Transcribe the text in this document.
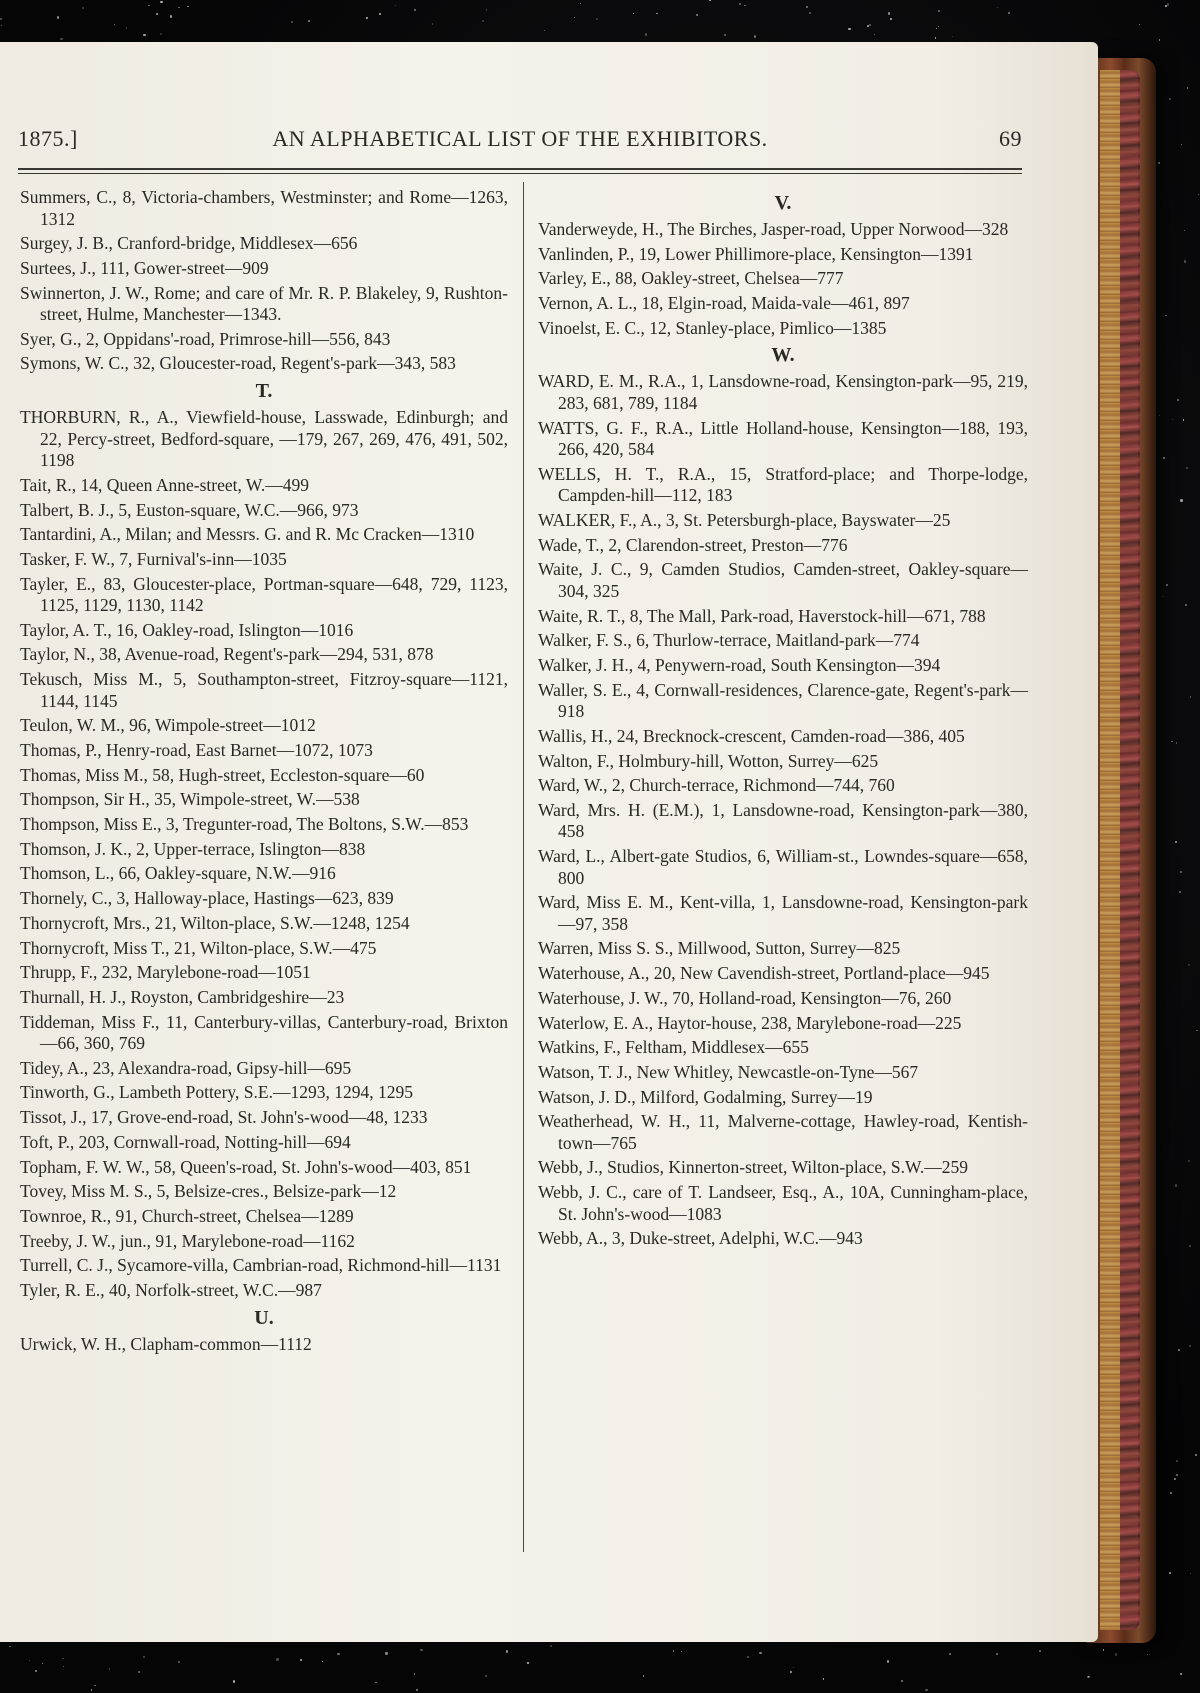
1875.]	AN ALPHABETICAL LIST OF THE EXHIBITORS.	69
Summers, C., 8, Victoria-chambers, Westminster; and Rome—1263, 1312
Surgey, J. B., Cranford-bridge, Middlesex—656
Surtees, J., 111, Gower-street—909
Swinnerton, J. W., Rome; and care of Mr. R. P. Blakeley, 9, Rushton-street, Hulme, Manchester—1343.
Syer, G., 2, Oppidans'-road, Primrose-hill—556, 843
Symons, W. C., 32, Gloucester-road, Regent's-park—343, 583
T.
THORBURN, R., A., Viewfield-house, Lasswade, Edinburgh; and 22, Percy-street, Bedford-square, —179, 267, 269, 476, 491, 502, 1198
Tait, R., 14, Queen Anne-street, W.—499
Talbert, B. J., 5, Euston-square, W.C.—966, 973
Tantardini, A., Milan; and Messrs. G. and R. Mc Cracken—1310
Tasker, F. W., 7, Furnival's-inn—1035
Tayler, E., 83, Gloucester-place, Portman-square—648, 729, 1123, 1125, 1129, 1130, 1142
Taylor, A. T., 16, Oakley-road, Islington—1016
Taylor, N., 38, Avenue-road, Regent's-park—294, 531, 878
Tekusch, Miss M., 5, Southampton-street, Fitzroy-square—1121, 1144, 1145
Teulon, W. M., 96, Wimpole-street—1012
Thomas, P., Henry-road, East Barnet—1072, 1073
Thomas, Miss M., 58, Hugh-street, Eccleston-square—60
Thompson, Sir H., 35, Wimpole-street, W.—538
Thompson, Miss E., 3, Tregunter-road, The Boltons, S.W.—853
Thomson, J. K., 2, Upper-terrace, Islington—838
Thomson, L., 66, Oakley-square, N.W.—916
Thornely, C., 3, Halloway-place, Hastings—623, 839
Thornycroft, Mrs., 21, Wilton-place, S.W.—1248, 1254
Thornycroft, Miss T., 21, Wilton-place, S.W.—475
Thrupp, F., 232, Marylebone-road—1051
Thurnall, H. J., Royston, Cambridgeshire—23
Tiddeman, Miss F., 11, Canterbury-villas, Canterbury-road, Brixton—66, 360, 769
Tidey, A., 23, Alexandra-road, Gipsy-hill—695
Tinworth, G., Lambeth Pottery, S.E.—1293, 1294, 1295
Tissot, J., 17, Grove-end-road, St. John's-wood—48, 1233
Toft, P., 203, Cornwall-road, Notting-hill—694
Topham, F. W. W., 58, Queen's-road, St. John's-wood—403, 851
Tovey, Miss M. S., 5, Belsize-cres., Belsize-park—12
Townroe, R., 91, Church-street, Chelsea—1289
Treeby, J. W., jun., 91, Marylebone-road—1162
Turrell, C. J., Sycamore-villa, Cambrian-road, Richmond-hill—1131
Tyler, R. E., 40, Norfolk-street, W.C.—987
U.
Urwick, W. H., Clapham-common—1112
V.
Vanderweyde, H., The Birches, Jasper-road, Upper Norwood—328
Vanlinden, P., 19, Lower Phillimore-place, Kensington—1391
Varley, E., 88, Oakley-street, Chelsea—777
Vernon, A. L., 18, Elgin-road, Maida-vale—461, 897
Vinoelst, E. C., 12, Stanley-place, Pimlico—1385
W.
WARD, E. M., R.A., 1, Lansdowne-road, Kensington-park—95, 219, 283, 681, 789, 1184
WATTS, G. F., R.A., Little Holland-house, Kensington—188, 193, 266, 420, 584
WELLS, H. T., R.A., 15, Stratford-place; and Thorpe-lodge, Campden-hill—112, 183
WALKER, F., A., 3, St. Petersburgh-place, Bayswater—25
Wade, T., 2, Clarendon-street, Preston—776
Waite, J. C., 9, Camden Studios, Camden-street, Oakley-square—304, 325
Waite, R. T., 8, The Mall, Park-road, Haverstock-hill—671, 788
Walker, F. S., 6, Thurlow-terrace, Maitland-park—774
Walker, J. H., 4, Penywern-road, South Kensington—394
Waller, S. E., 4, Cornwall-residences, Clarence-gate, Regent's-park—918
Wallis, H., 24, Brecknock-crescent, Camden-road—386, 405
Walton, F., Holmbury-hill, Wotton, Surrey—625
Ward, W., 2, Church-terrace, Richmond—744, 760
Ward, Mrs. H. (E.M.), 1, Lansdowne-road, Kensington-park—380, 458
Ward, L., Albert-gate Studios, 6, William-st., Lowndes-square—658, 800
Ward, Miss E. M., Kent-villa, 1, Lansdowne-road, Kensington-park—97, 358
Warren, Miss S. S., Millwood, Sutton, Surrey—825
Waterhouse, A., 20, New Cavendish-street, Portland-place—945
Waterhouse, J. W., 70, Holland-road, Kensington—76, 260
Waterlow, E. A., Haytor-house, 238, Marylebone-road—225
Watkins, F., Feltham, Middlesex—655
Watson, T. J., New Whitley, Newcastle-on-Tyne—567
Watson, J. D., Milford, Godalming, Surrey—19
Weatherhead, W. H., 11, Malverne-cottage, Hawley-road, Kentish-town—765
Webb, J., Studios, Kinnerton-street, Wilton-place, S.W.—259
Webb, J. C., care of T. Landseer, Esq., A., 10A, Cunningham-place, St. John's-wood—1083
Webb, A., 3, Duke-street, Adelphi, W.C.—943
